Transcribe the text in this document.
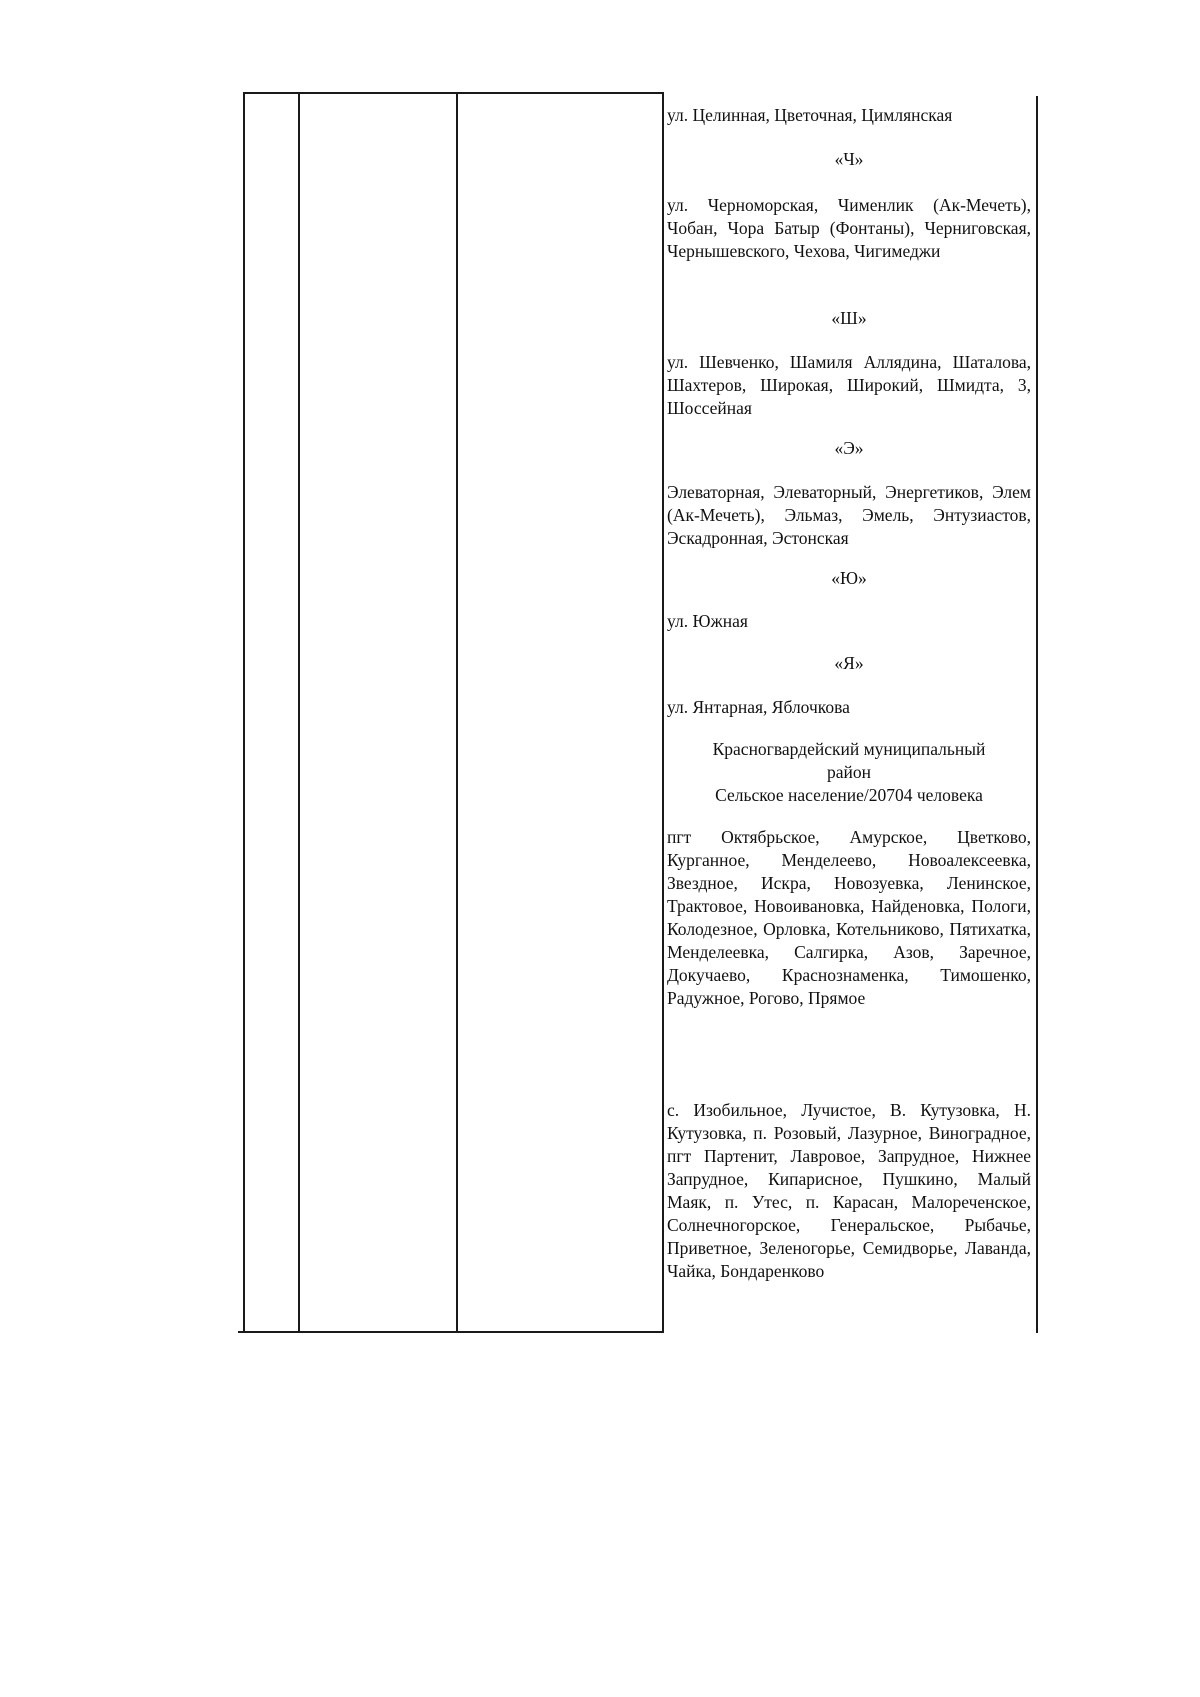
ул. Целинная, Цветочная, Цимлянская
«Ч»
ул. Черноморская, Чименлик (Ак-Мечеть), Чобан, Чора Батыр (Фонтаны), Черниговская, Чернышевского, Чехова, Чигимеджи
«Ш»
ул. Шевченко, Шамиля Аллядина, Шаталова, Шахтеров, Широкая, Широкий, Шмидта, 3, Шоссейная
«Э»
Элеваторная, Элеваторный, Энергетиков, Элем (Ак-Мечеть), Эльмаз, Эмель, Энтузиастов, Эскадронная, Эстонская
«Ю»
ул. Южная
«Я»
ул. Янтарная, Яблочкова
Красногвардейский муниципальный район
Сельское население/20704 человека
пгт Октябрьское, Амурское, Цветково, Курганное, Менделеево, Новоалексеевка, Звездное, Искра, Новозуевка, Ленинское, Трактовое, Новоивановка, Найденовка, Пологи, Колодезное, Орловка, Котельниково, Пятихатка, Менделеевка, Салгирка, Азов, Заречное, Докучаево, Краснознаменка, Тимошенко, Радужное, Рогово, Прямое
с. Изобильное, Лучистое, В. Кутузовка, Н. Кутузовка, п. Розовый, Лазурное, Виноградное, пгт Партенит, Лавровое, Запрудное, Нижнее Запрудное, Кипарисное, Пушкино, Малый Маяк, п. Утес, п. Карасан, Малореченское, Солнечногорское, Генеральское, Рыбачье, Приветное, Зеленогорье, Семидворье, Лаванда, Чайка, Бондаренково
